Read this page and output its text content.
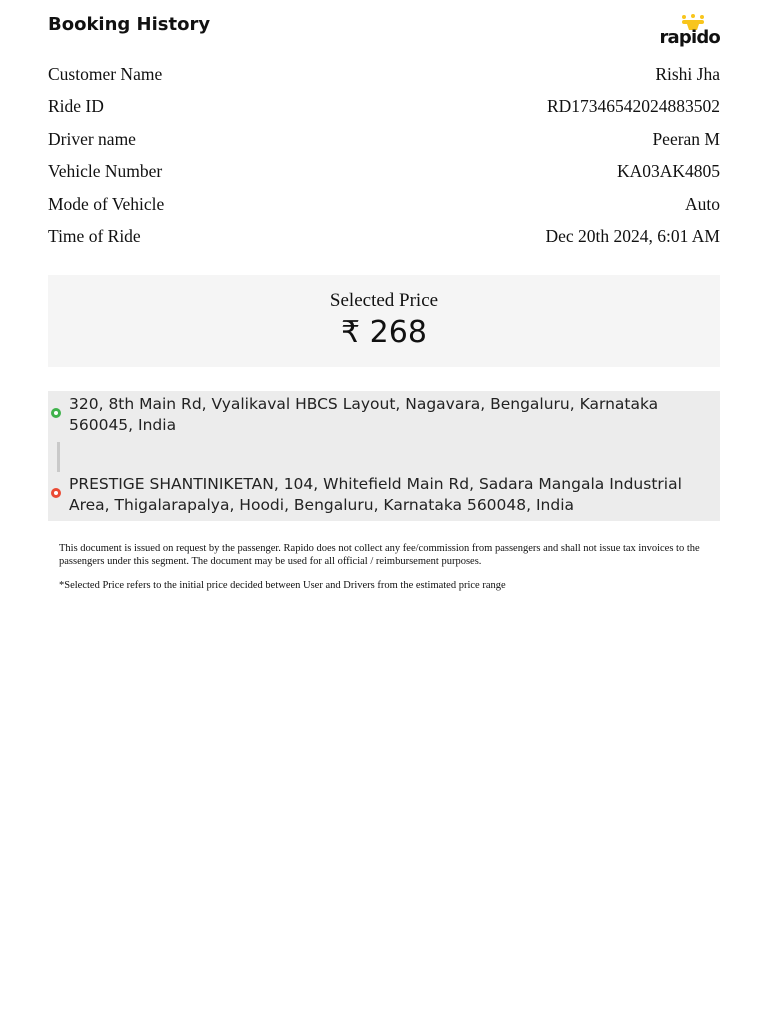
Booking History
rapido
Customer Name	Rishi Jha
Ride ID	RD17346542024883502
Driver name	Peeran M
Vehicle Number	KA03AK4805
Mode of Vehicle	Auto
Time of Ride	Dec 20th 2024, 6:01 AM
Selected Price
₹ 268
320, 8th Main Rd, Vyalikaval HBCS Layout, Nagavara, Bengaluru, Karnataka 560045, India
PRESTIGE SHANTINIKETAN, 104, Whitefield Main Rd, Sadara Mangala Industrial Area, Thigalarapalya, Hoodi, Bengaluru, Karnataka 560048, India

This document is issued on request by the passenger. Rapido does not collect any fee/commission from passengers and shall not issue tax invoices to the passengers under this segment. The document may be used for all official / reimbursement purposes.

*Selected Price refers to the initial price decided between User and Drivers from the estimated price range
